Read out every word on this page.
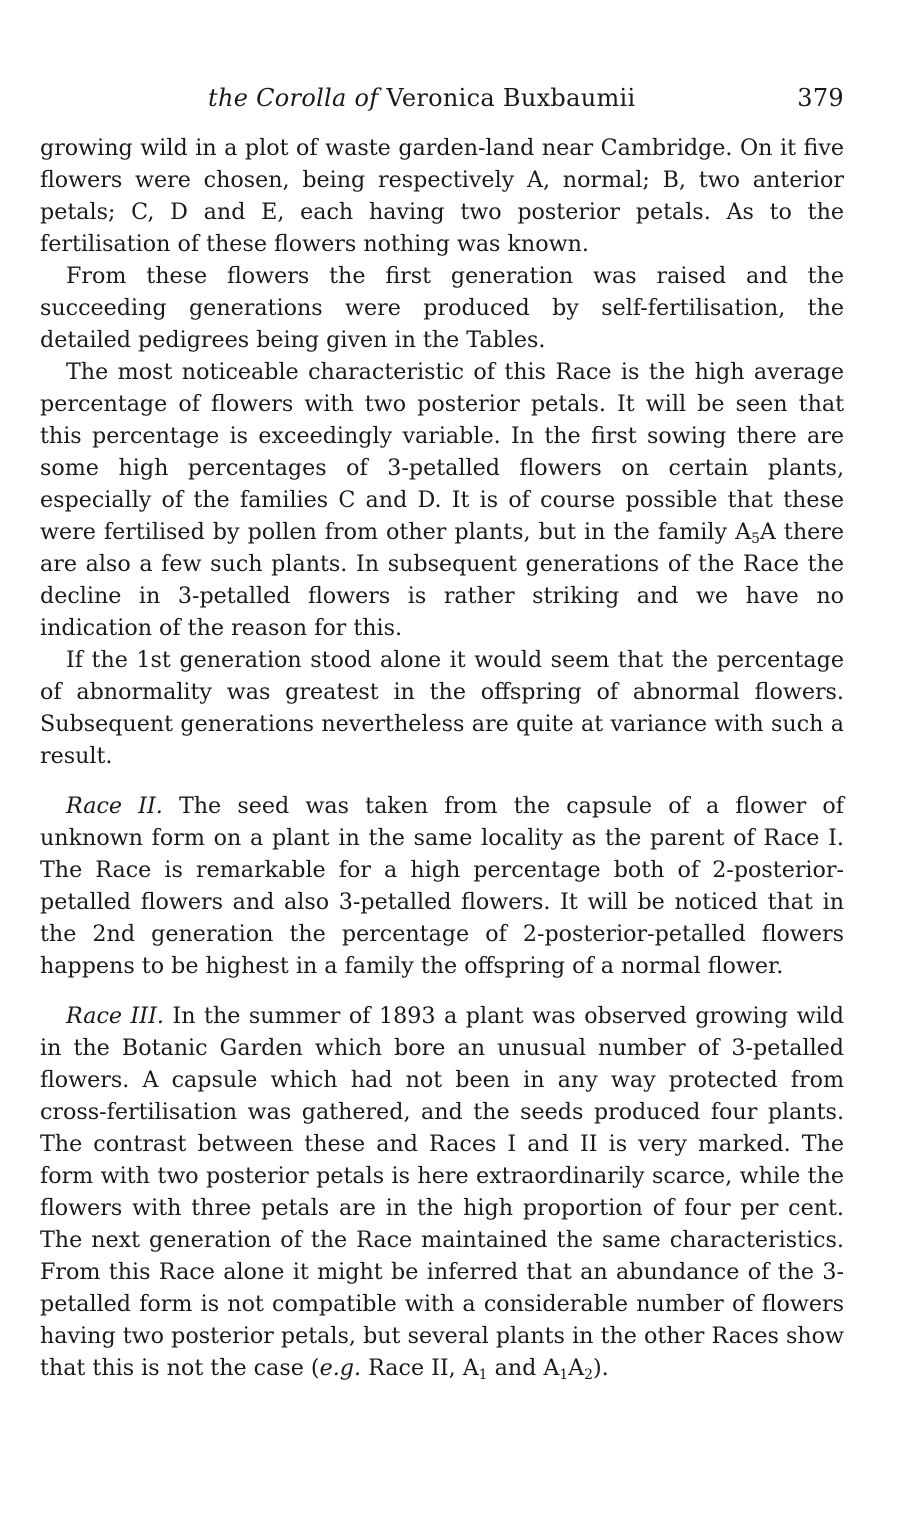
the Corolla of Veronica Buxbaumii	379

growing wild in a plot of waste garden-land near Cambridge. On it five flowers were chosen, being respectively A, normal; B, two anterior petals; C, D and E, each having two posterior petals. As to the fertilisation of these flowers nothing was known.

From these flowers the first generation was raised and the succeeding generations were produced by self-fertilisation, the detailed pedigrees being given in the Tables.

The most noticeable characteristic of this Race is the high average percentage of flowers with two posterior petals. It will be seen that this percentage is exceedingly variable. In the first sowing there are some high percentages of 3-petalled flowers on certain plants, especially of the families C and D. It is of course possible that these were fertilised by pollen from other plants, but in the family $A_5A$ there are also a few such plants. In subsequent generations of the Race the decline in 3-petalled flowers is rather striking and we have no indication of the reason for this.

If the 1st generation stood alone it would seem that the percentage of abnormality was greatest in the offspring of abnormal flowers. Subsequent generations nevertheless are quite at variance with such a result.

Race II. The seed was taken from the capsule of a flower of unknown form on a plant in the same locality as the parent of Race I. The Race is remarkable for a high percentage both of 2-posterior-petalled flowers and also 3-petalled flowers. It will be noticed that in the 2nd generation the percentage of 2-posterior-petalled flowers happens to be highest in a family the offspring of a normal flower.

Race III. In the summer of 1893 a plant was observed growing wild in the Botanic Garden which bore an unusual number of 3-petalled flowers. A capsule which had not been in any way protected from cross-fertilisation was gathered, and the seeds produced four plants. The contrast between these and Races I and II is very marked. The form with two posterior petals is here extraordinarily scarce, while the flowers with three petals are in the high proportion of four per cent. The next generation of the Race maintained the same characteristics. From this Race alone it might be inferred that an abundance of the 3-petalled form is not compatible with a considerable number of flowers having two posterior petals, but several plants in the other Races show that this is not the case (e.g. Race II, $A_1$ and $A_1A_2$).
